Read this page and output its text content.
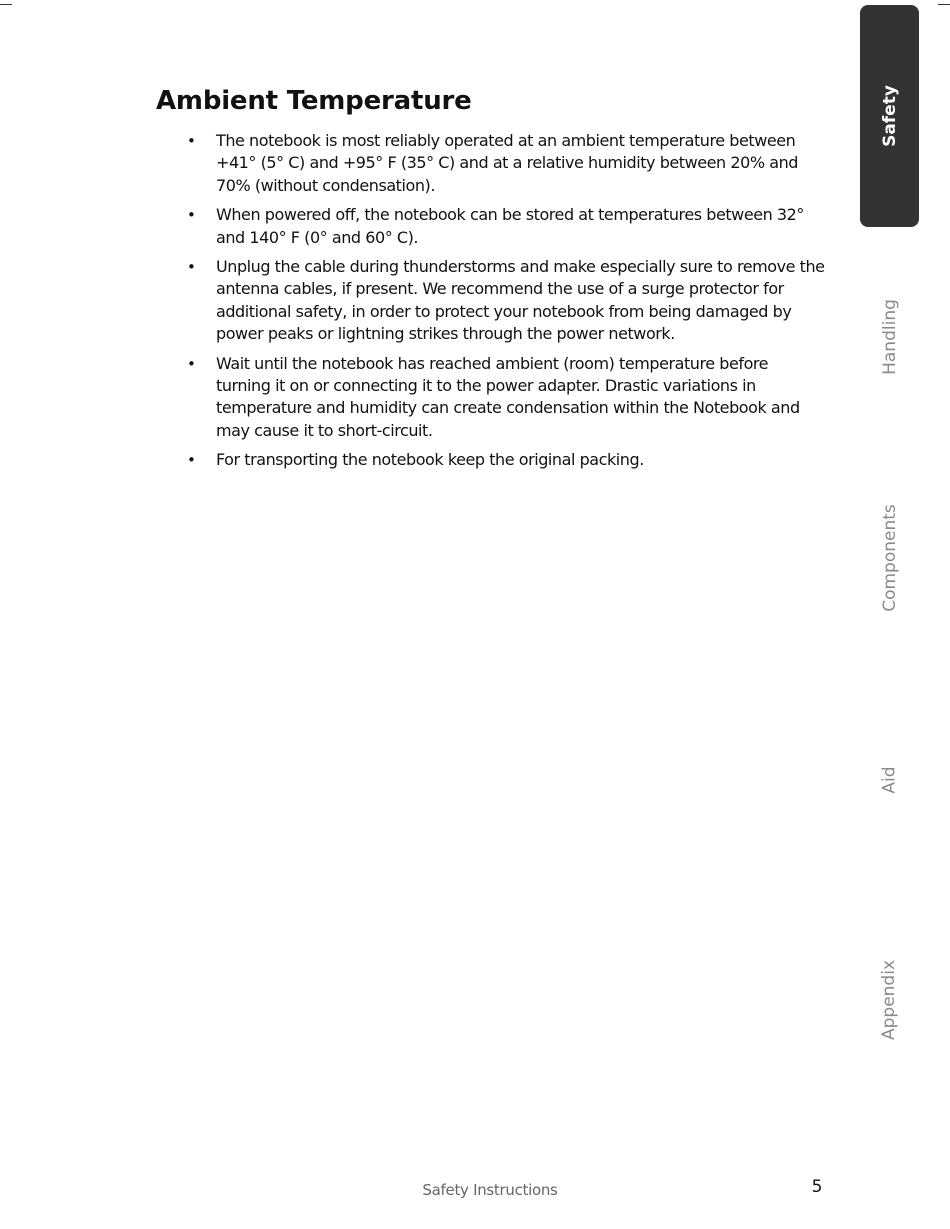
Ambient Temperature
• The notebook is most reliably operated at an ambient temperature between +41° (5° C) and +95° F (35° C) and at a relative humidity between 20% and 70% (without condensation).
• When powered off, the notebook can be stored at temperatures between 32° and 140° F (0° and 60° C).
• Unplug the cable during thunderstorms and make especially sure to remove the antenna cables, if present. We recommend the use of a surge protector for additional safety, in order to protect your notebook from being damaged by power peaks or lightning strikes through the power network.
• Wait until the notebook has reached ambient (room) temperature before turning it on or connecting it to the power adapter. Drastic variations in temperature and humidity can create condensation within the Notebook and may cause it to short-circuit.
• For transporting the notebook keep the original packing.
Safety
Handling
Components
Aid
Appendix
Safety Instructions	5
